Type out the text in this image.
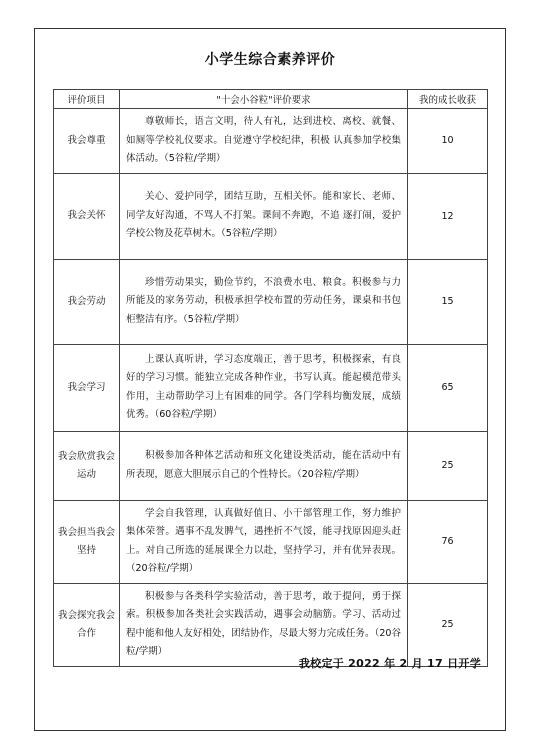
小学生综合素养评价
评价项目	"十会小谷粒"评价要求	我的成长收获
我会尊重	尊敬师长，语言文明，待人有礼，达到进校、离校、就餐、如厕等学校礼仪要求。自觉遵守学校纪律，积极 认真参加学校集体活动。（5谷粒/学期）	10
我会关怀	关心、爱护同学，团结互助，互相关怀。能和家长、老师、同学友好沟通，不骂人不打架。课间不奔跑，不追 逐打闹，爱护学校公物及花草树木。（5谷粒/学期）	12
我会劳动	珍惜劳动果实，勤俭节约，不浪费水电、粮食。积极参与力所能及的家务劳动，积极承担学校布置的劳动任务，课桌和书包柜整洁有序。（5谷粒/学期）	15
我会学习	上课认真听讲，学习态度端正，善于思考，积极探索，有良好的学习习惯。能独立完成各种作业，书写认真。能起模范带头作用，主动帮助学习上有困难的同学。各门学科均衡发展，成绩优秀。（60谷粒/学期）	65
我会欣赏我会运动	积极参加各种体艺活动和班文化建设类活动，能在活动中有所表现，愿意大胆展示自己的个性特长。（20谷粒/学期）	25
我会担当我会坚持	学会自我管理，认真做好值日、小干部管理工作，努力维护集体荣誉。遇事不乱发脾气，遇挫折不气馁，能寻找原因迎头赶上。对自己所选的延展课全力以赴，坚持学习，并有优异表现。（20谷粒/学期）	76
我会探究我会合作	积极参与各类科学实验活动，善于思考，敢于提问，勇于探索。积极参加各类社会实践活动，遇事会动脑筋。学习、活动过程中能和他人友好相处，团结协作，尽最大努力完成任务。（20谷粒/学期）	25
我校定于 2022 年 2 月 17 日开学
